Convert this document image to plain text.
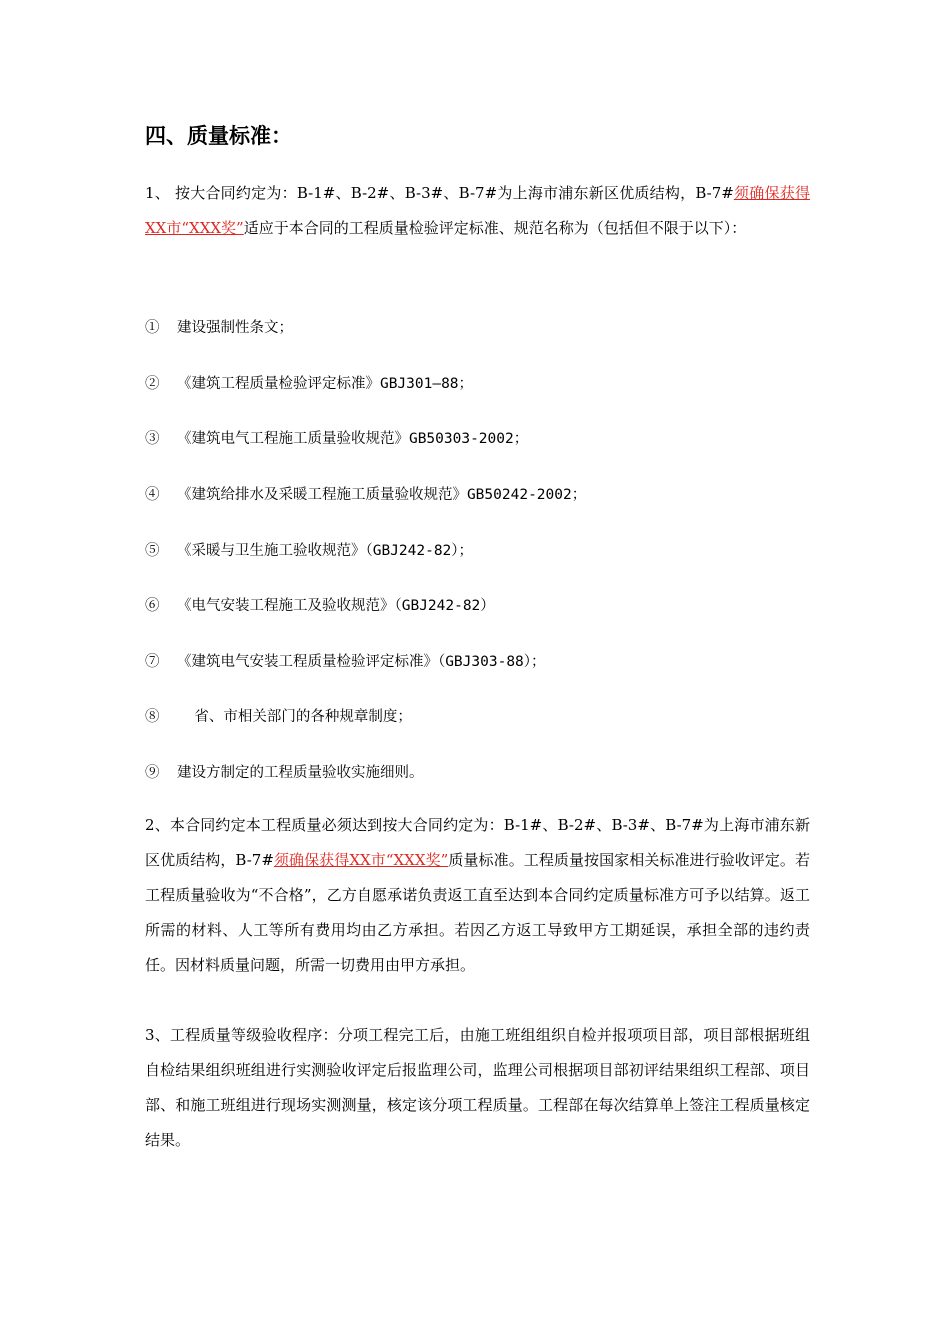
四、质量标准：
1、 按大合同约定为：B-1#、B-2#、B-3#、B-7#为上海市浦东新区优质结构，B-7#须确保获得XX市“XXX奖”适应于本合同的工程质量检验评定标准、规范名称为（包括但不限于以下）：
①  建设强制性条文；
②  《建筑工程质量检验评定标准》GBJ301—88；
③  《建筑电气工程施工质量验收规范》GB50303-2002；
④  《建筑给排水及采暖工程施工质量验收规范》GB50242-2002；
⑤  《采暖与卫生施工验收规范》（GBJ242-82）；
⑥  《电气安装工程施工及验收规范》（GBJ242-82）
⑦  《建筑电气安装工程质量检验评定标准》（GBJ303-88）；
⑧    省、市相关部门的各种规章制度；
⑨  建设方制定的工程质量验收实施细则。
2、本合同约定本工程质量必须达到按大合同约定为：B-1#、B-2#、B-3#、B-7#为上海市浦东新区优质结构，B-7#须确保获得XX市“XXX奖”质量标准。工程质量按国家相关标准进行验收评定。若工程质量验收为“不合格”，乙方自愿承诺负责返工直至达到本合同约定质量标准方可予以结算。返工所需的材料、人工等所有费用均由乙方承担。若因乙方返工导致甲方工期延误，承担全部的违约责任。因材料质量问题，所需一切费用由甲方承担。
3、工程质量等级验收程序：分项工程完工后，由施工班组组织自检并报项项目部，项目部根据班组自检结果组织班组进行实测验收评定后报监理公司，监理公司根据项目部初评结果组织工程部、项目部、和施工班组进行现场实测测量，核定该分项工程质量。工程部在每次结算单上签注工程质量核定结果。
